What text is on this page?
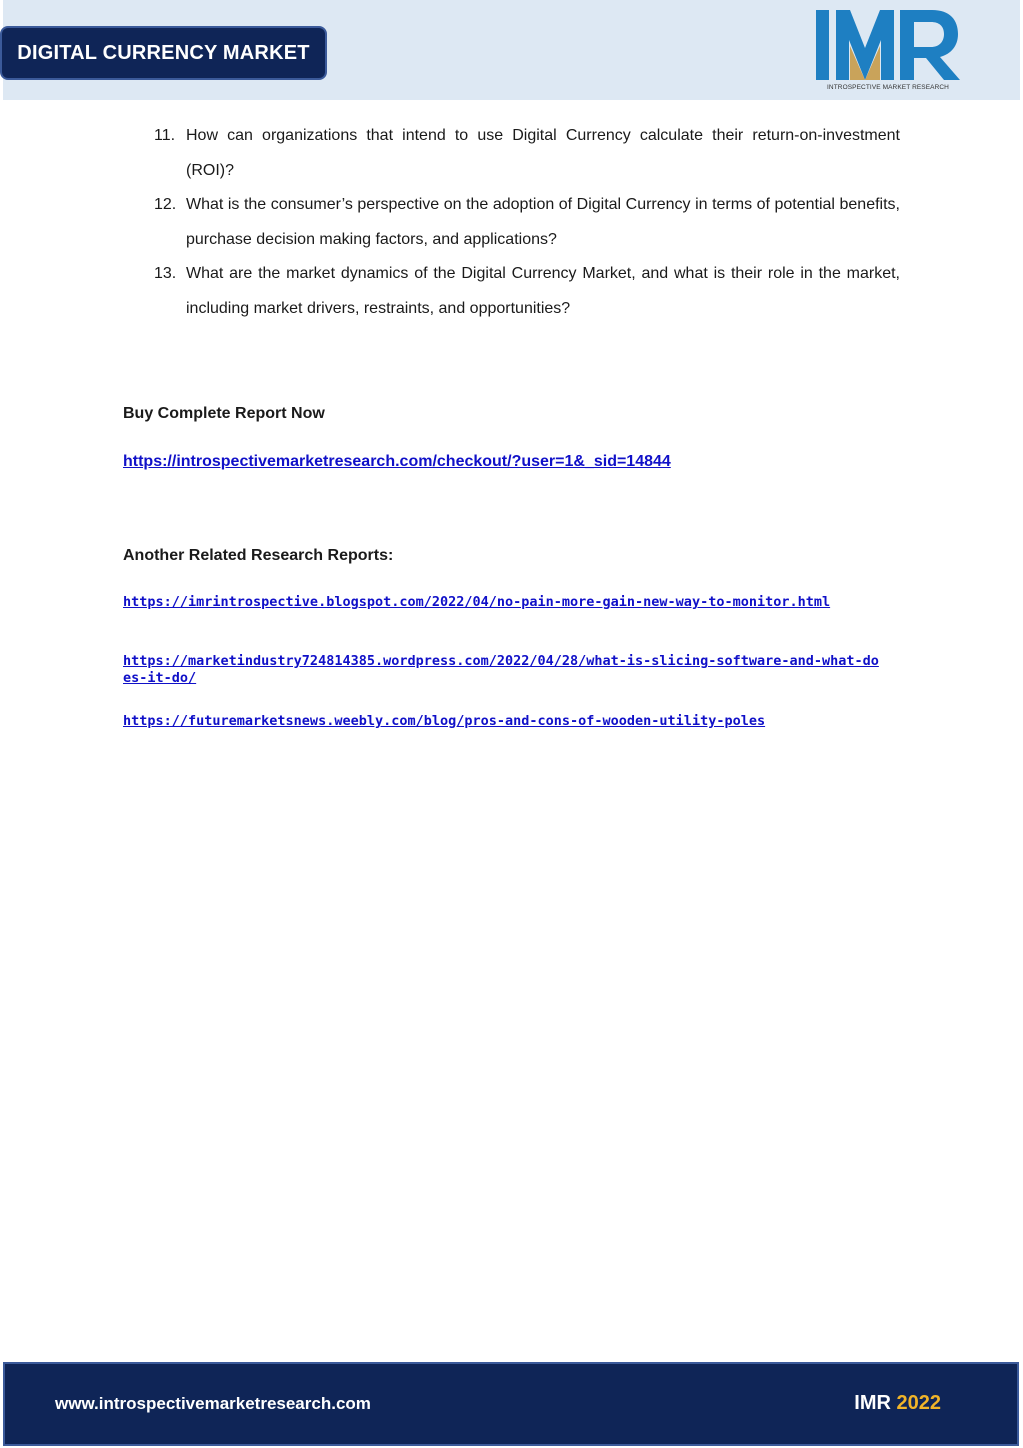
DIGITAL CURRENCY MARKET
INTROSPECTIVE MARKET RESEARCH
11. How can organizations that intend to use Digital Currency calculate their return-on-investment (ROI)?
12. What is the consumer’s perspective on the adoption of Digital Currency in terms of potential benefits, purchase decision making factors, and applications?
13. What are the market dynamics of the Digital Currency Market, and what is their role in the market, including market drivers, restraints, and opportunities?
Buy Complete Report Now
https://introspectivemarketresearch.com/checkout/?user=1&_sid=14844
Another Related Research Reports:
https://imrintrospective.blogspot.com/2022/04/no-pain-more-gain-new-way-to-monitor.html
https://marketindustry724814385.wordpress.com/2022/04/28/what-is-slicing-software-and-what-does-it-do/
https://futuremarketsnews.weebly.com/blog/pros-and-cons-of-wooden-utility-poles
www.introspectivemarketresearch.com	IMR 2022
